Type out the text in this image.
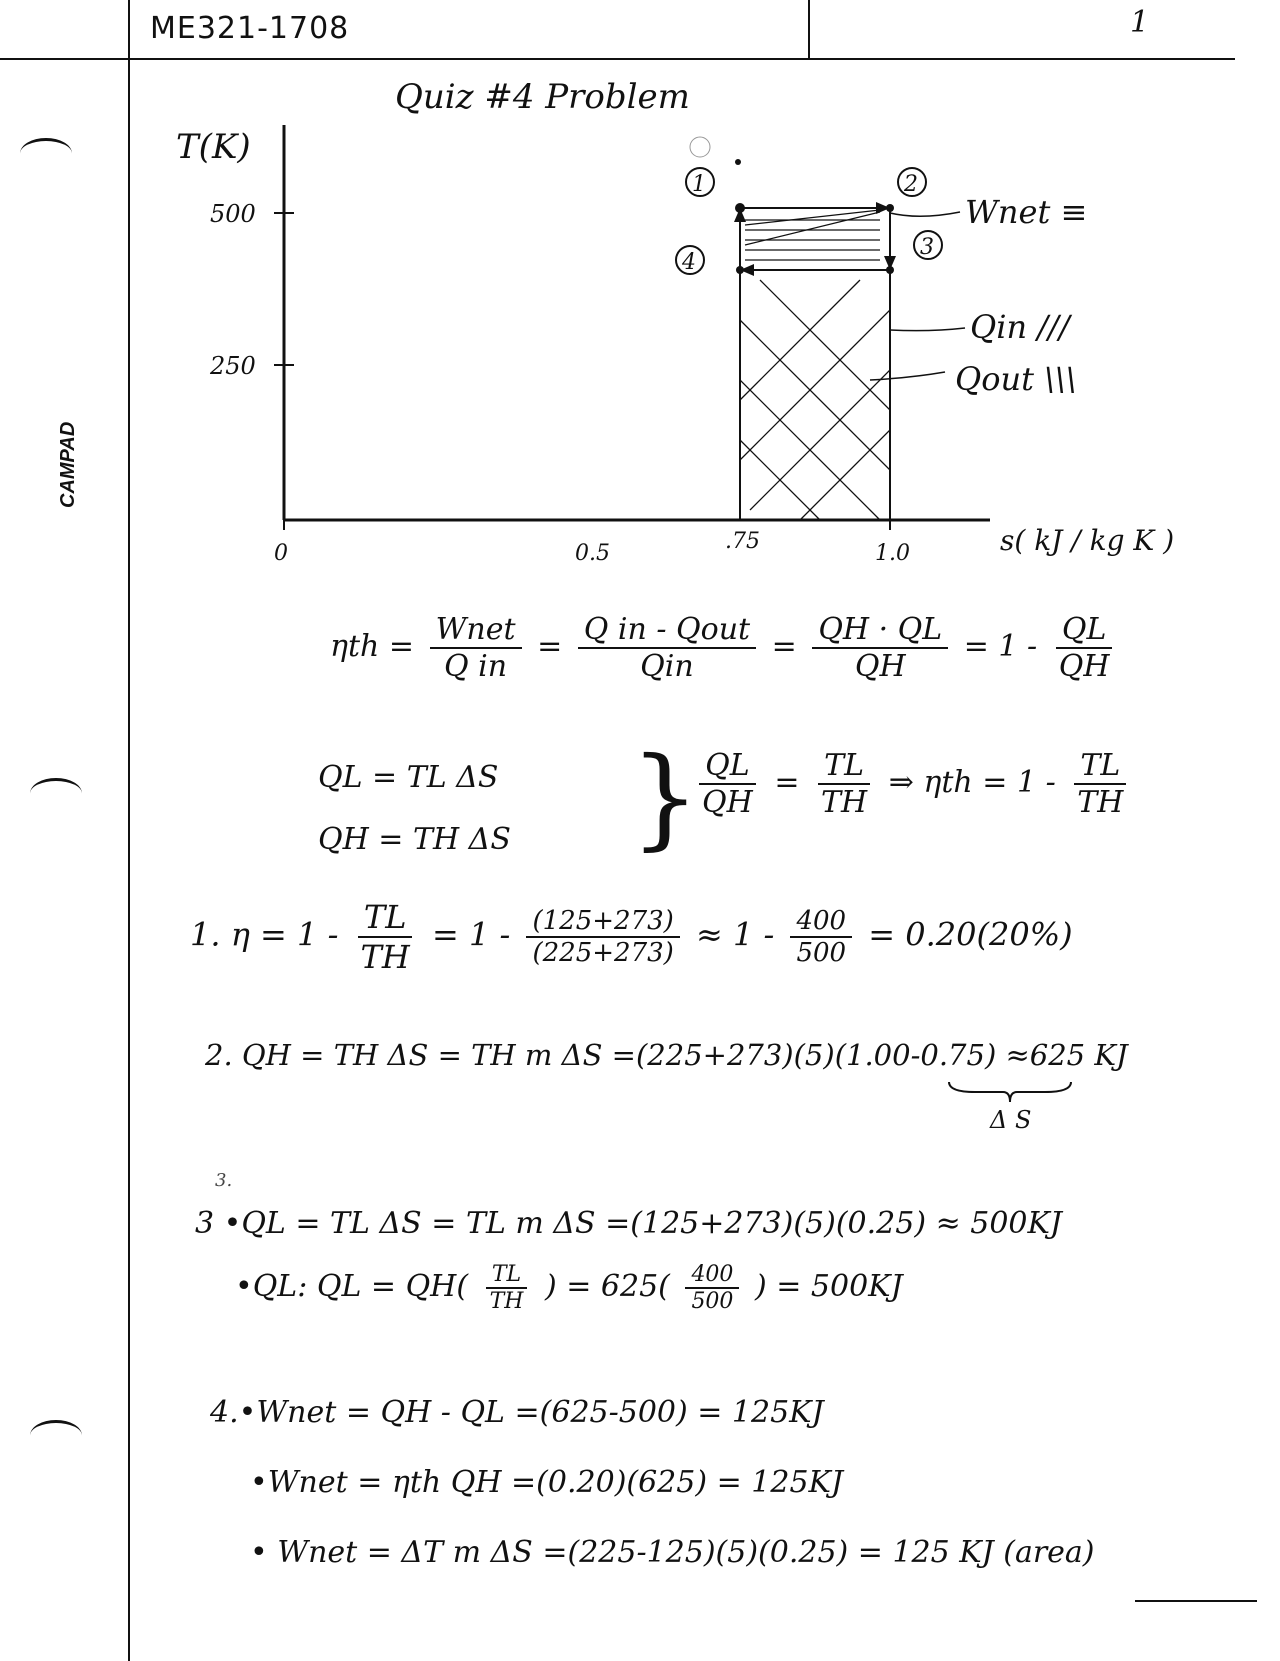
ME321-1708	1
CAMPAD
Quiz #4 Problem
1	2
3
4
T(K)
500
250
0	0.5	.75	1.0	s( kJ / kg K )
Wnet ≡
Qin ///
Qout \\\
$\eta th = \frac{\text{Wnet}}{\text{Q in}} = \frac{\text{Q in - Qout}}{\text{Qin}} = \frac{QH \cdot QL}{QH} = 1 - \frac{QL}{QH}$
QL = TL ΔS
QH = TH ΔS }
$\frac{QL}{QH} = \frac{TL}{TH}$ ⇒ $\eta th = 1 - \frac{TL}{TH}$
1. $\eta = 1 - \frac{TL}{TH} = 1 - \frac{(125+273)}{(225+273)} \approx 1 - \frac{400}{500} = 0.20(20\%)$
2. QH = TH ΔS = TH m ΔS =(225+273)(5)(1.00-0.75) ≈625 KJ
Δ S
3.
3 •QL = TL ΔS = TL m ΔS =(125+273)(5)(0.25) ≈ 500KJ
•QL: QL = $QH( \frac{TL}{TH}$ ) = $625( \frac{400}{500}$ ) = 500KJ
4.•Wnet = QH - QL =(625-500) = 125KJ
•Wnet = ηth QH =(0.20)(625) = 125KJ
• Wnet = ΔT m ΔS =(225-125)(5)(0.25) = 125 KJ (area)
